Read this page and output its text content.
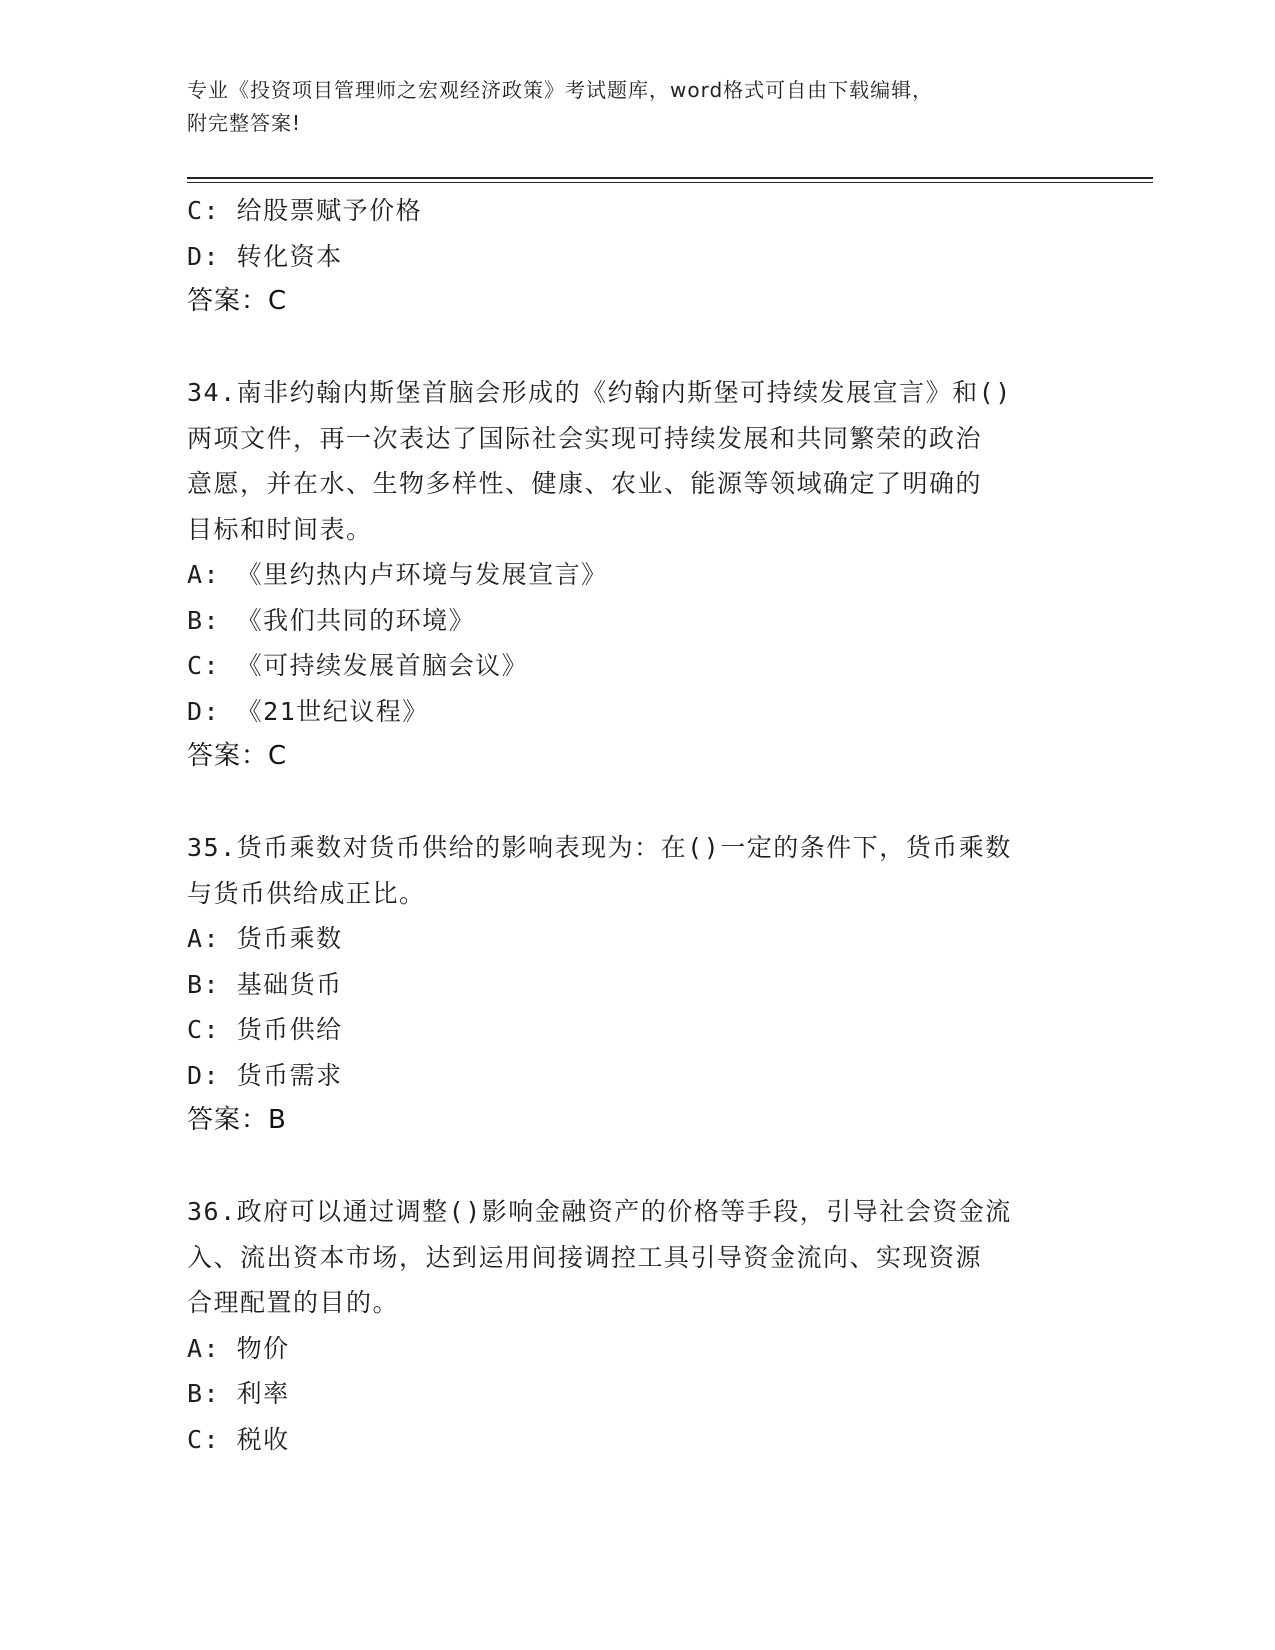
专业《投资项目管理师之宏观经济政策》考试题库，word格式可自由下载编辑，
附完整答案!
C: 给股票赋予价格
D: 转化资本
答案：C
34.南非约翰内斯堡首脑会形成的《约翰内斯堡可持续发展宣言》和()
两项文件，再一次表达了国际社会实现可持续发展和共同繁荣的政治
意愿，并在水、生物多样性、健康、农业、能源等领域确定了明确的
目标和时间表。
A: 《里约热内卢环境与发展宣言》
B: 《我们共同的环境》
C: 《可持续发展首脑会议》
D: 《21世纪议程》
答案：C
35.货币乘数对货币供给的影响表现为：在()一定的条件下，货币乘数
与货币供给成正比。
A: 货币乘数
B: 基础货币
C: 货币供给
D: 货币需求
答案：B
36.政府可以通过调整()影响金融资产的价格等手段，引导社会资金流
入、流出资本市场，达到运用间接调控工具引导资金流向、实现资源
合理配置的目的。
A: 物价
B: 利率
C: 税收
